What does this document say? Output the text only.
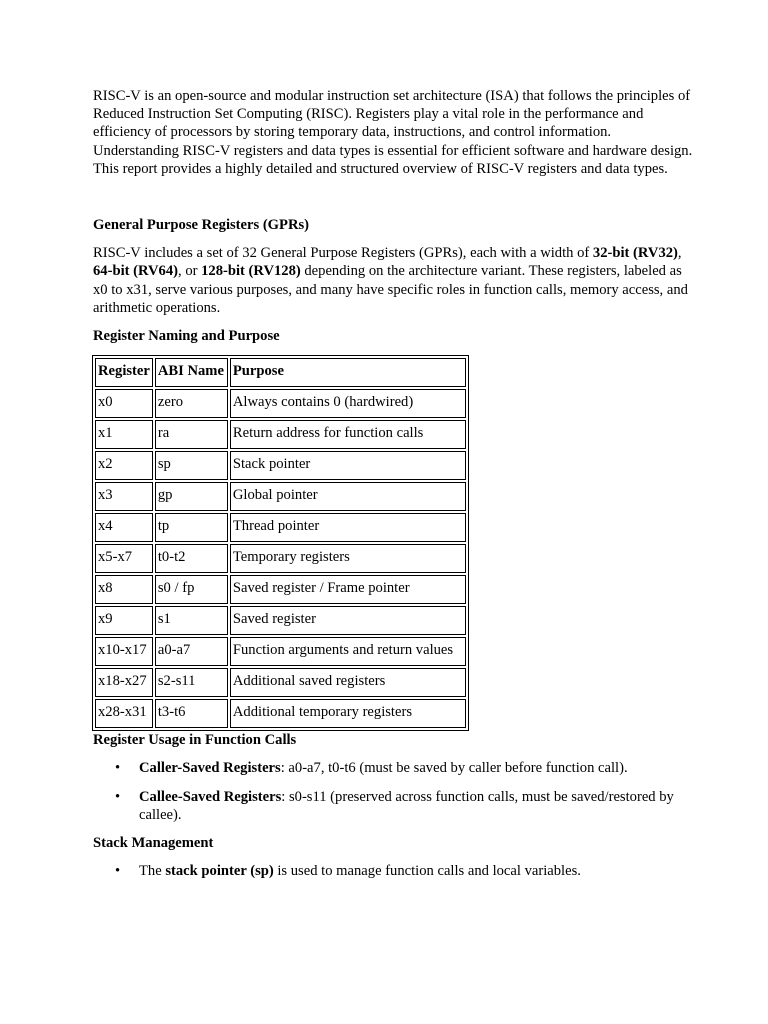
RISC-V is an open-source and modular instruction set architecture (ISA) that follows the principles of Reduced Instruction Set Computing (RISC). Registers play a vital role in the performance and efficiency of processors by storing temporary data, instructions, and control information. Understanding RISC-V registers and data types is essential for efficient software and hardware design. This report provides a highly detailed and structured overview of RISC-V registers and data types.

General Purpose Registers (GPRs)

RISC-V includes a set of 32 General Purpose Registers (GPRs), each with a width of 32-bit (RV32), 64-bit (RV64), or 128-bit (RV128) depending on the architecture variant. These registers, labeled as x0 to x31, serve various purposes, and many have specific roles in function calls, memory access, and arithmetic operations.

Register Naming and Purpose

Register	ABI Name	Purpose
x0	zero	Always contains 0 (hardwired)
x1	ra	Return address for function calls
x2	sp	Stack pointer
x3	gp	Global pointer
x4	tp	Thread pointer
x5-x7	t0-t2	Temporary registers
x8	s0 / fp	Saved register / Frame pointer
x9	s1	Saved register
x10-x17	a0-a7	Function arguments and return values
x18-x27	s2-s11	Additional saved registers
x28-x31	t3-t6	Additional temporary registers

Register Usage in Function Calls

• Caller-Saved Registers: a0-a7, t0-t6 (must be saved by caller before function call).
• Callee-Saved Registers: s0-s11 (preserved across function calls, must be saved/restored by callee).

Stack Management

• The stack pointer (sp) is used to manage function calls and local variables.
